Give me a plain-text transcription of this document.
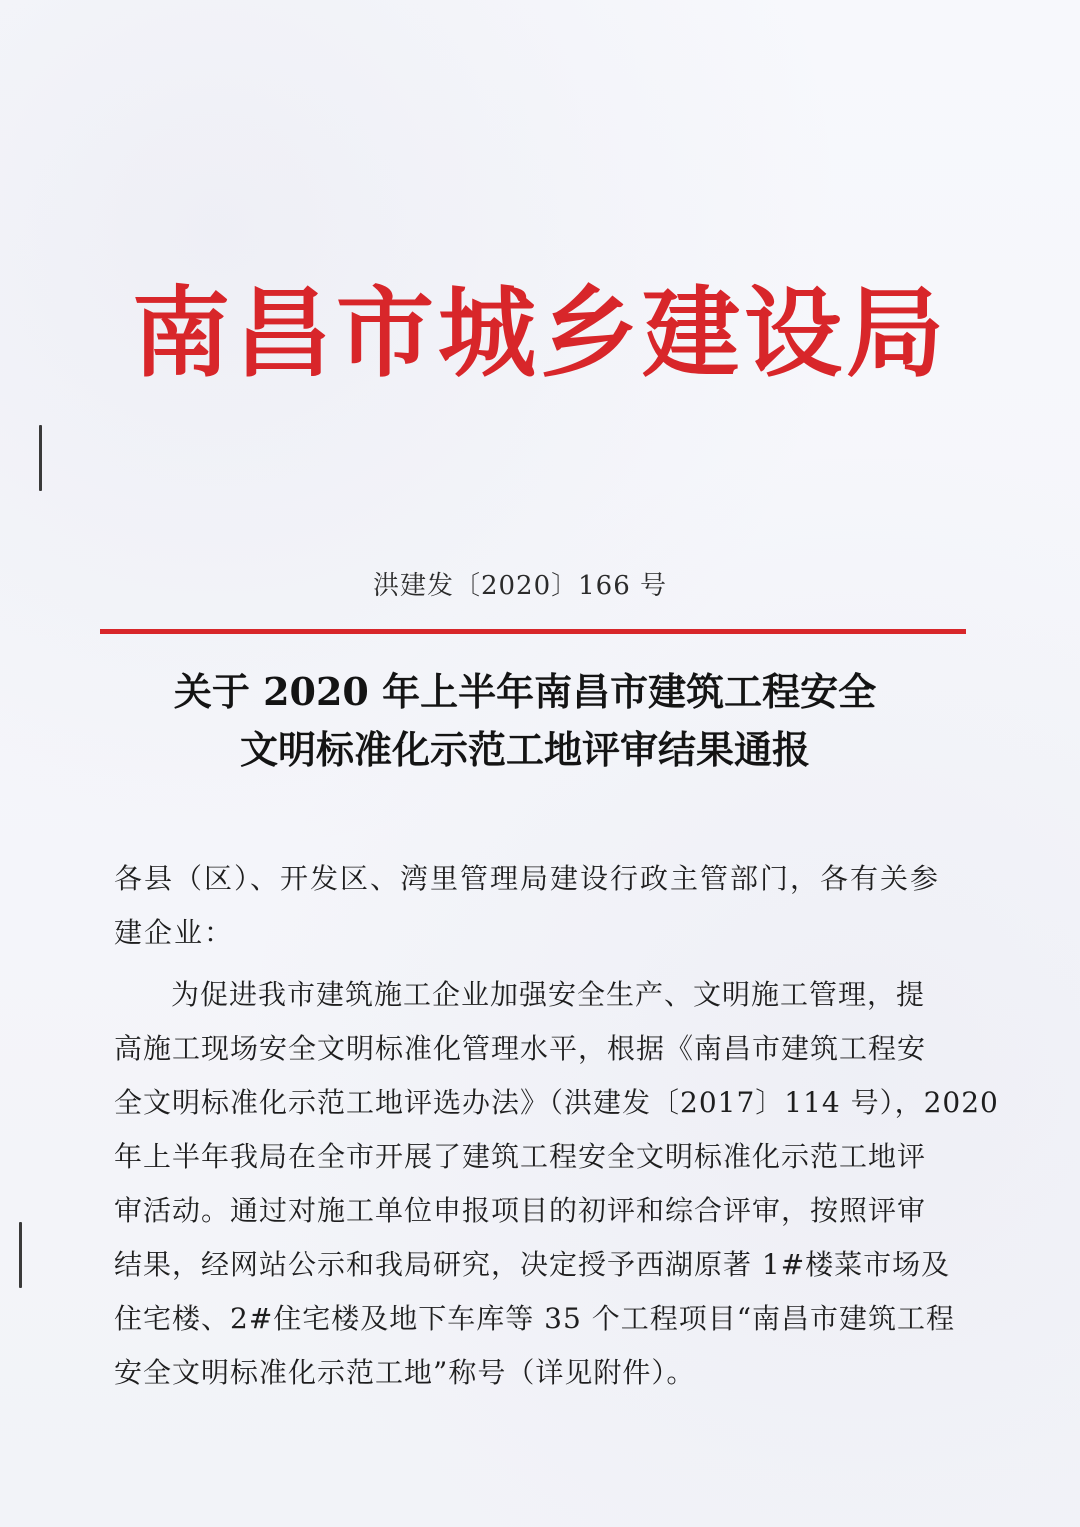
南昌市城乡建设局
洪建发〔2020〕166 号
关于 2020 年上半年南昌市建筑工程安全
文明标准化示范工地评审结果通报
各县（区）、开发区、湾里管理局建设行政主管部门，各有关参
建企业：
为促进我市建筑施工企业加强安全生产、文明施工管理，提
高施工现场安全文明标准化管理水平，根据《南昌市建筑工程安
全文明标准化示范工地评选办法》（洪建发〔2017〕114 号），2020
年上半年我局在全市开展了建筑工程安全文明标准化示范工地评
审活动。通过对施工单位申报项目的初评和综合评审，按照评审
结果，经网站公示和我局研究，决定授予西湖原著 1#楼菜市场及
住宅楼、2#住宅楼及地下车库等 35 个工程项目“南昌市建筑工程
安全文明标准化示范工地”称号（详见附件）。
